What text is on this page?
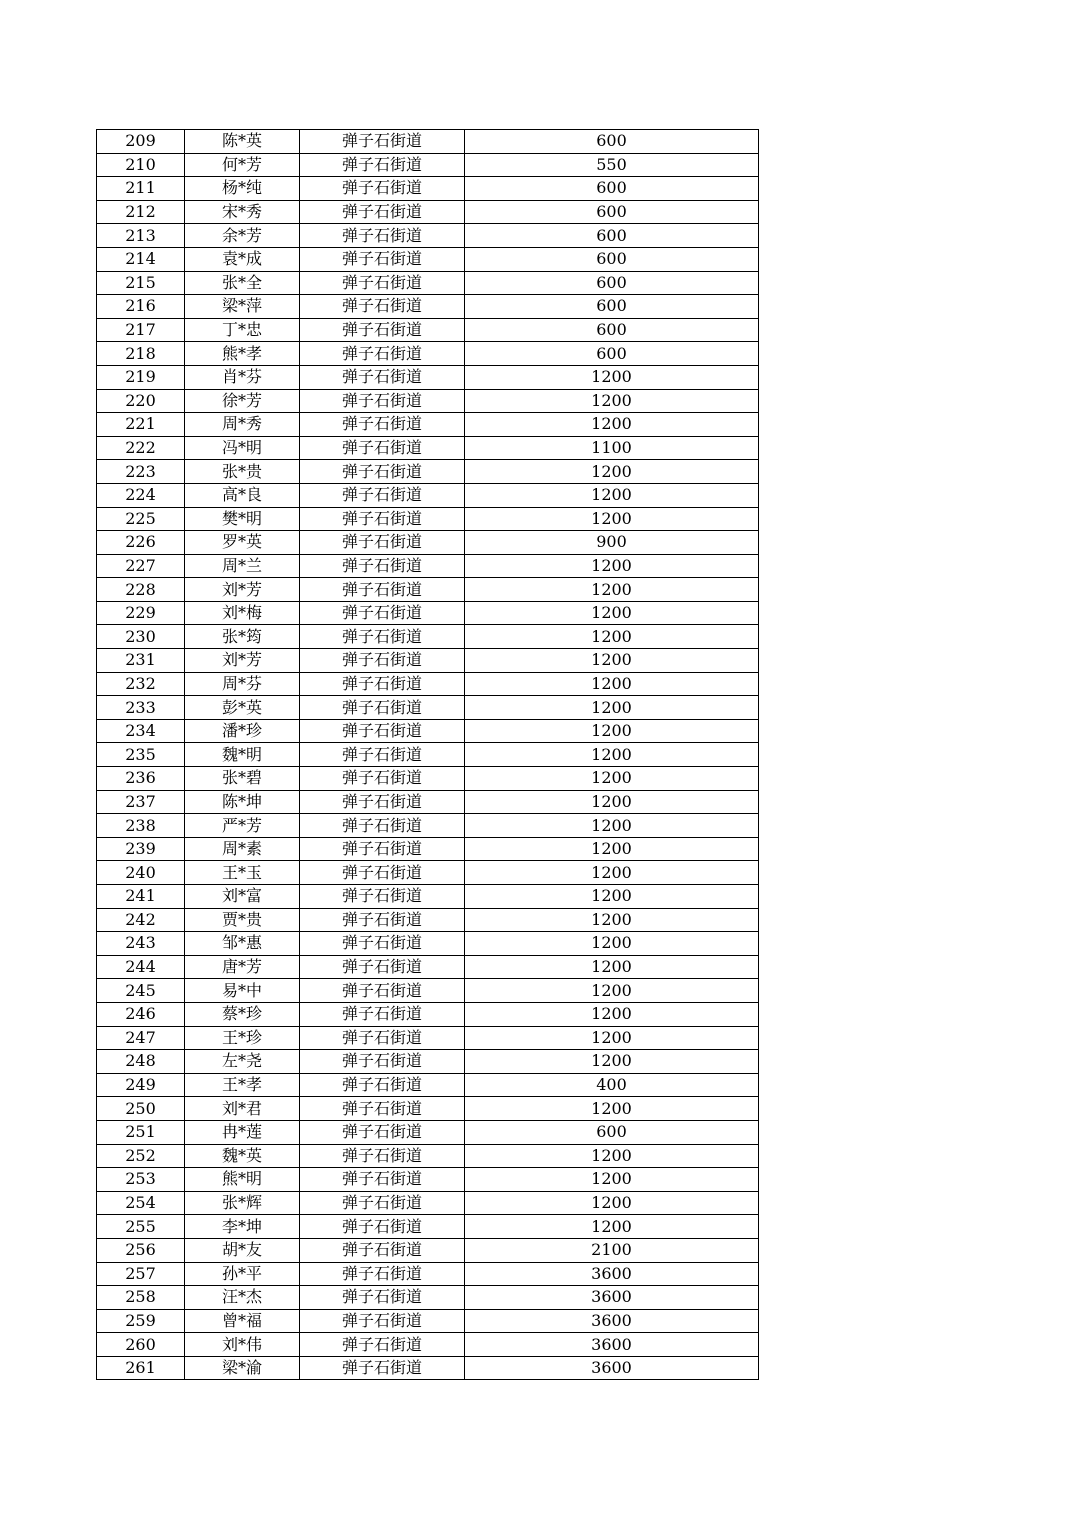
209	陈*英	弹子石街道	600
210	何*芳	弹子石街道	550
211	杨*纯	弹子石街道	600
212	宋*秀	弹子石街道	600
213	余*芳	弹子石街道	600
214	袁*成	弹子石街道	600
215	张*全	弹子石街道	600
216	梁*萍	弹子石街道	600
217	丁*忠	弹子石街道	600
218	熊*孝	弹子石街道	600
219	肖*芬	弹子石街道	1200
220	徐*芳	弹子石街道	1200
221	周*秀	弹子石街道	1200
222	冯*明	弹子石街道	1100
223	张*贵	弹子石街道	1200
224	高*良	弹子石街道	1200
225	樊*明	弹子石街道	1200
226	罗*英	弹子石街道	900
227	周*兰	弹子石街道	1200
228	刘*芳	弹子石街道	1200
229	刘*梅	弹子石街道	1200
230	张*筠	弹子石街道	1200
231	刘*芳	弹子石街道	1200
232	周*芬	弹子石街道	1200
233	彭*英	弹子石街道	1200
234	潘*珍	弹子石街道	1200
235	魏*明	弹子石街道	1200
236	张*碧	弹子石街道	1200
237	陈*坤	弹子石街道	1200
238	严*芳	弹子石街道	1200
239	周*素	弹子石街道	1200
240	王*玉	弹子石街道	1200
241	刘*富	弹子石街道	1200
242	贾*贵	弹子石街道	1200
243	邹*惠	弹子石街道	1200
244	唐*芳	弹子石街道	1200
245	易*中	弹子石街道	1200
246	蔡*珍	弹子石街道	1200
247	王*珍	弹子石街道	1200
248	左*尧	弹子石街道	1200
249	王*孝	弹子石街道	400
250	刘*君	弹子石街道	1200
251	冉*莲	弹子石街道	600
252	魏*英	弹子石街道	1200
253	熊*明	弹子石街道	1200
254	张*辉	弹子石街道	1200
255	李*坤	弹子石街道	1200
256	胡*友	弹子石街道	2100
257	孙*平	弹子石街道	3600
258	汪*杰	弹子石街道	3600
259	曾*福	弹子石街道	3600
260	刘*伟	弹子石街道	3600
261	梁*渝	弹子石街道	3600
